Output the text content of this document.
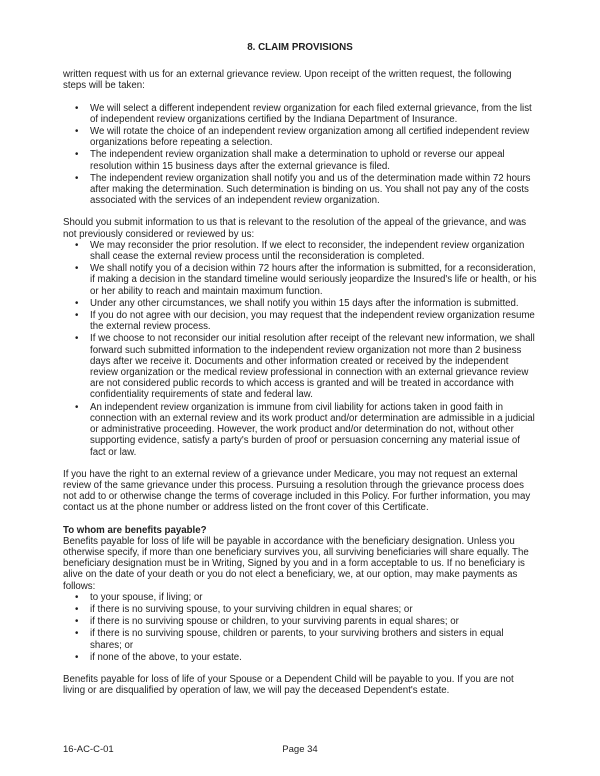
8. CLAIM PROVISIONS

written request with us for an external grievance review. Upon receipt of the written request, the following steps will be taken:

• We will select a different independent review organization for each filed external grievance, from the list of independent review organizations certified by the Indiana Department of Insurance.
• We will rotate the choice of an independent review organization among all certified independent review organizations before repeating a selection.
• The independent review organization shall make a determination to uphold or reverse our appeal resolution within 15 business days after the external grievance is filed.
• The independent review organization shall notify you and us of the determination made within 72 hours after making the determination. Such determination is binding on us. You shall not pay any of the costs associated with the services of an independent review organization.

Should you submit information to us that is relevant to the resolution of the appeal of the grievance, and was not previously considered or reviewed by us:

• We may reconsider the prior resolution. If we elect to reconsider, the independent review organization shall cease the external review process until the reconsideration is completed.
• We shall notify you of a decision within 72 hours after the information is submitted, for a reconsideration, if making a decision in the standard timeline would seriously jeopardize the Insured's life or health, or his or her ability to reach and maintain maximum function.
• Under any other circumstances, we shall notify you within 15 days after the information is submitted.
• If you do not agree with our decision, you may request that the independent review organization resume the external review process.
• If we choose to not reconsider our initial resolution after receipt of the relevant new information, we shall forward such submitted information to the independent review organization not more than 2 business days after we receive it. Documents and other information created or received by the independent review organization or the medical review professional in connection with an external grievance review are not considered public records to which access is granted and will be treated in accordance with confidentiality requirements of state and federal law.
• An independent review organization is immune from civil liability for actions taken in good faith in connection with an external review and its work product and/or determination are admissible in a judicial or administrative proceeding. However, the work product and/or determination do not, without other supporting evidence, satisfy a party's burden of proof or persuasion concerning any material issue of fact or law.

If you have the right to an external review of a grievance under Medicare, you may not request an external review of the same grievance under this process. Pursuing a resolution through the grievance process does not add to or otherwise change the terms of coverage included in this Policy. For further information, you may contact us at the phone number or address listed on the front cover of this Certificate.

To whom are benefits payable?

Benefits payable for loss of life will be payable in accordance with the beneficiary designation. Unless you otherwise specify, if more than one beneficiary survives you, all surviving beneficiaries will share equally. The beneficiary designation must be in Writing, Signed by you and in a form acceptable to us. If no beneficiary is alive on the date of your death or you do not elect a beneficiary, we, at our option, may make payments as follows:

• to your spouse, if living; or
• if there is no surviving spouse, to your surviving children in equal shares; or
• if there is no surviving spouse or children, to your surviving parents in equal shares; or
• if there is no surviving spouse, children or parents, to your surviving brothers and sisters in equal shares; or
• if none of the above, to your estate.

Benefits payable for loss of life of your Spouse or a Dependent Child will be payable to you. If you are not living or are disqualified by operation of law, we will pay the deceased Dependent's estate.

16-AC-C-01	Page 34
